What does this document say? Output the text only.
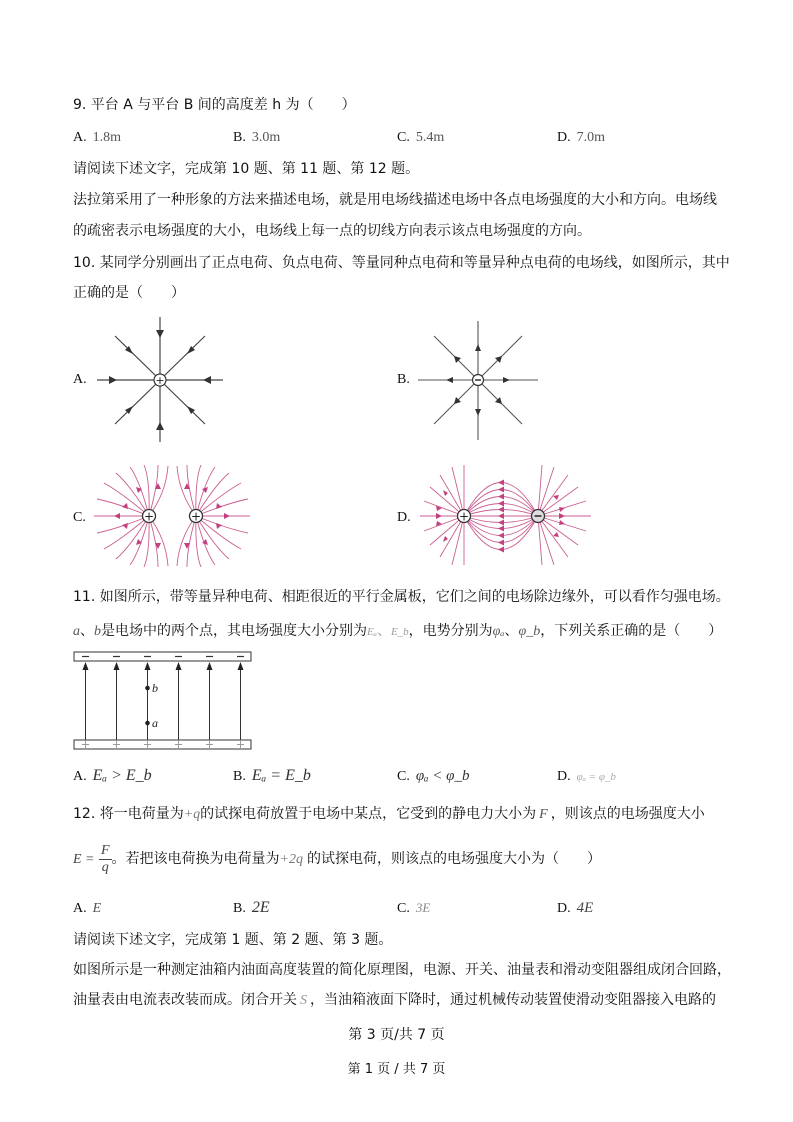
9. 平台 A 与平台 B 间的高度差 h 为（　　）
A. 1.8m	B. 3.0m	C. 5.4m	D. 7.0m
请阅读下述文字，完成第 10 题、第 11 题、第 12 题。
法拉第采用了一种形象的方法来描述电场，就是用电场线描述电场中各点电场强度的大小和方向。电场线
的疏密表示电场强度的大小，电场线上每一点的切线方向表示该点电场强度的方向。
10. 某同学分别画出了正点电荷、负点电荷、等量同种点电荷和等量异种点电荷的电场线，如图所示，其中
正确的是（　　）
A.	+	B.
C.	+	+	D.	+
11. 如图所示，带等量异种电荷、相距很近的平行金属板，它们之间的电场除边缘外，可以看作匀强电场。
a、b是电场中的两个点，其电场强度大小分别为Eₐ、E_b，电势分别为φₐ、φ_b，下列关系正确的是（　　）
b
a
A. Eₐ > E_b	B. Eₐ = E_b	C. φₐ < φ_b	D. φₐ = φ_b
12. 将一电荷量为+q的试探电荷放置于电场中某点，它受到的静电力大小为 F ，则该点的电场强度大小
$E = \frac{F}{q}$ 。若把该电荷换为电荷量为+2q 的试探电荷，则该点的电场强度大小为（　　）
A. E	B. 2E	C. 3E	D. 4E
请阅读下述文字，完成第 1 题、第 2 题、第 3 题。
如图所示是一种测定油箱内油面高度装置的简化原理图，电源、开关、油量表和滑动变阻器组成闭合回路，
油量表由电流表改装而成。闭合开关 S ，当油箱液面下降时，通过机械传动装置使滑动变阻器接入电路的
第 3 页/共 7 页
第 1 页 / 共 7 页
